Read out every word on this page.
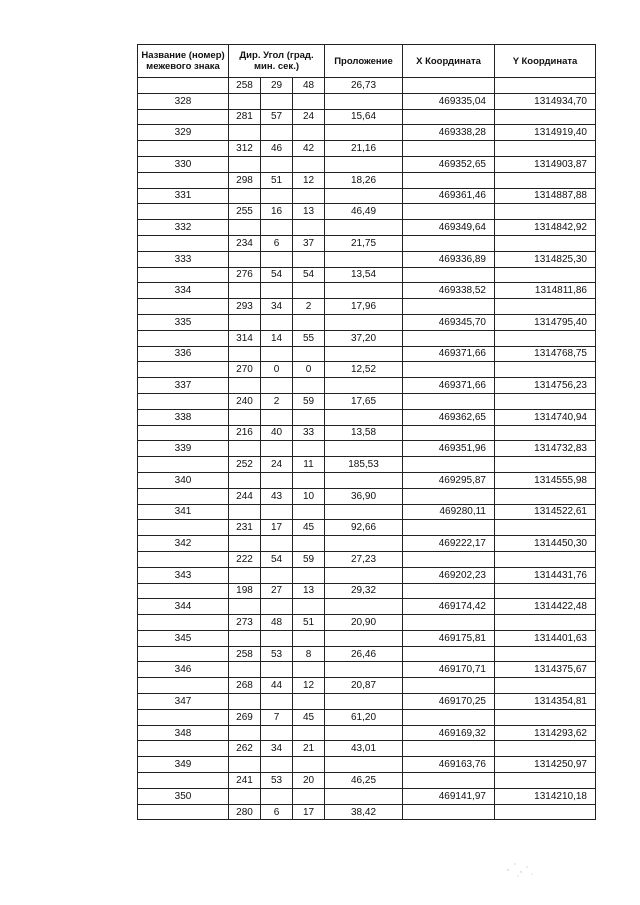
Название (номер) межевого знака	Дир. Угол (град. мин. сек.)			Проложение	X Координата	Y Координата
	258	29	48	26,73		
328					469335,04	1314934,70
	281	57	24	15,64		
329					469338,28	1314919,40
	312	46	42	21,16		
330					469352,65	1314903,87
	298	51	12	18,26		
331					469361,46	1314887,88
	255	16	13	46,49		
332					469349,64	1314842,92
	234	6	37	21,75		
333					469336,89	1314825,30
	276	54	54	13,54		
334					469338,52	1314811,86
	293	34	2	17,96		
335					469345,70	1314795,40
	314	14	55	37,20		
336					469371,66	1314768,75
	270	0	0	12,52		
337					469371,66	1314756,23
	240	2	59	17,65		
338					469362,65	1314740,94
	216	40	33	13,58		
339					469351,96	1314732,83
	252	24	11	185,53		
340					469295,87	1314555,98
	244	43	10	36,90		
341					469280,11	1314522,61
	231	17	45	92,66		
342					469222,17	1314450,30
	222	54	59	27,23		
343					469202,23	1314431,76
	198	27	13	29,32		
344					469174,42	1314422,48
	273	48	51	20,90		
345					469175,81	1314401,63
	258	53	8	26,46		
346					469170,71	1314375,67
	268	44	12	20,87		
347					469170,25	1314354,81
	269	7	45	61,20		
348					469169,32	1314293,62
	262	34	21	43,01		
349					469163,76	1314250,97
	241	53	20	46,25		
350					469141,97	1314210,18
	280	6	17	38,42		
